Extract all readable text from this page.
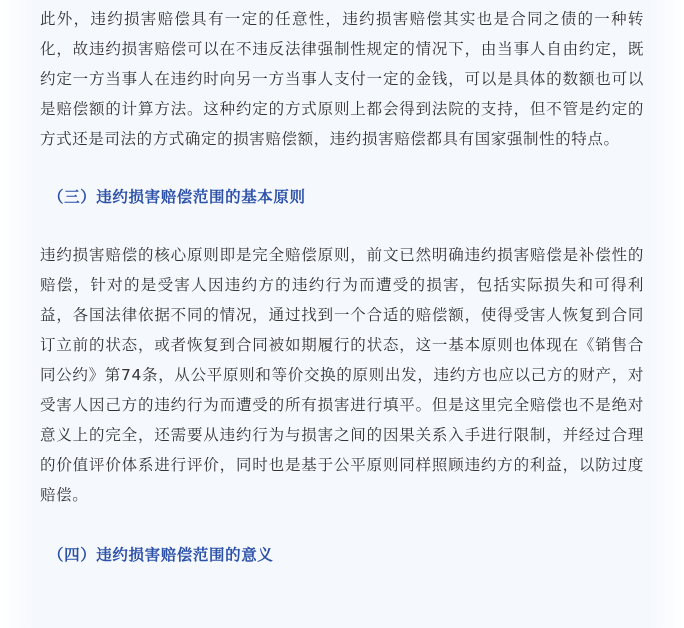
此外，违约损害赔偿具有一定的任意性，违约损害赔偿其实也是合同之债的一种转化，故违约损害赔偿可以在不违反法律强制性规定的情况下，由当事人自由约定，既约定一方当事人在违约时向另一方当事人支付一定的金钱，可以是具体的数额也可以是赔偿额的计算方法。这种约定的方式原则上都会得到法院的支持，但不管是约定的方式还是司法的方式确定的损害赔偿额，违约损害赔偿都具有国家强制性的特点。

（三）违约损害赔偿范围的基本原则

违约损害赔偿的核心原则即是完全赔偿原则，前文已然明确违约损害赔偿是补偿性的赔偿，针对的是受害人因违约方的违约行为而遭受的损害，包括实际损失和可得利益，各国法律依据不同的情况，通过找到一个合适的赔偿额，使得受害人恢复到合同订立前的状态，或者恢复到合同被如期履行的状态，这一基本原则也体现在《销售合同公约》第74条，从公平原则和等价交换的原则出发，违约方也应以己方的财产，对受害人因己方的违约行为而遭受的所有损害进行填平。但是这里完全赔偿也不是绝对意义上的完全，还需要从违约行为与损害之间的因果关系入手进行限制，并经过合理的价值评价体系进行评价，同时也是基于公平原则同样照顾违约方的利益，以防过度赔偿。

（四）违约损害赔偿范围的意义
